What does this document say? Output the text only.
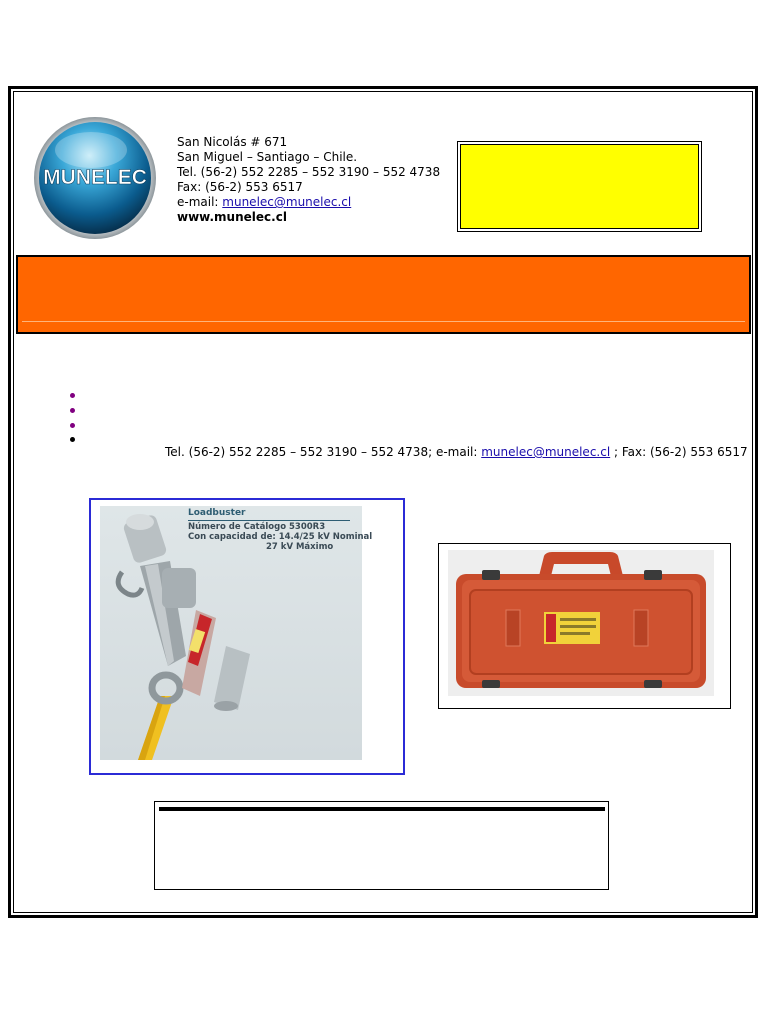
MUNELEC
San Nicolás # 671
San Miguel – Santiago – Chile.
Tel. (56-2) 552 2285 – 552 3190 – 552 4738
Fax: (56-2) 553 6517
e-mail: munelec@munelec.cl
www.munelec.cl
Tel. (56-2) 552 2285 – 552 3190 – 552 4738; e-mail: munelec@munelec.cl ; Fax: (56-2) 553 6517
Loadbuster
Número de Catálogo 5300R3
Con capacidad de: 14.4/25 kV Nominal
27 kV Máximo
